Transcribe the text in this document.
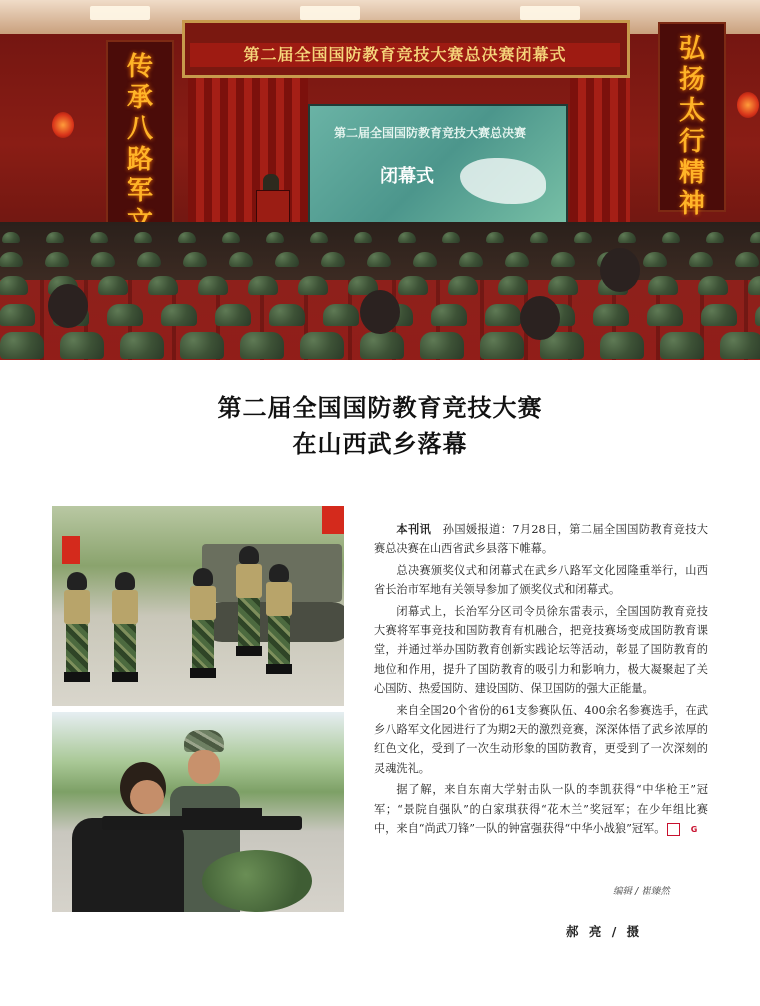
第二届全国国防教育竞技大赛总决赛闭幕式
传
承
八
路
军
弘
扬
太
行
精
神
第二届全国国防教育竞技大赛总决赛
闭幕式
第二届全国国防教育竞技大赛
在山西武乡落幕

本刊讯　 孙国媛报道：7月28日，第二届全国国防教育竞技大赛总决赛在山西省武乡县落下帷幕。

总决赛颁奖仪式和闭幕式在武乡八路军文化园隆重举行，山西省长治市军地有关领导参加了颁奖仪式和闭幕式。

闭幕式上，长治军分区司令员徐东雷表示，全国国防教育竞技大赛将军事竞技和国防教育有机融合，把竞技赛场变成国防教育课堂，并通过举办国防教育创新实践论坛等活动，彰显了国防教育的地位和作用，提升了国防教育的吸引力和影响力，极大凝聚起了关心国防、热爱国防、建设国防、保卫国防的强大正能量。

来自全国20个省份的61支参赛队伍、400余名参赛选手，在武乡八路军文化园进行了为期2天的激烈竞赛，深深体悟了武乡浓厚的红色文化，受到了一次生动形象的国防教育，更受到了一次深刻的灵魂洗礼。

据了解，来自东南大学射击队一队的李凯获得“中华枪王”冠军；“景院自强队”的白家琪获得“花木兰”奖冠军；在少年组比赛中，来自“尚武刀锋”一队的钟富强获得“中华小战狼”冠军。	G

编辑 / 崔臻然
郝 亮 / 摄
